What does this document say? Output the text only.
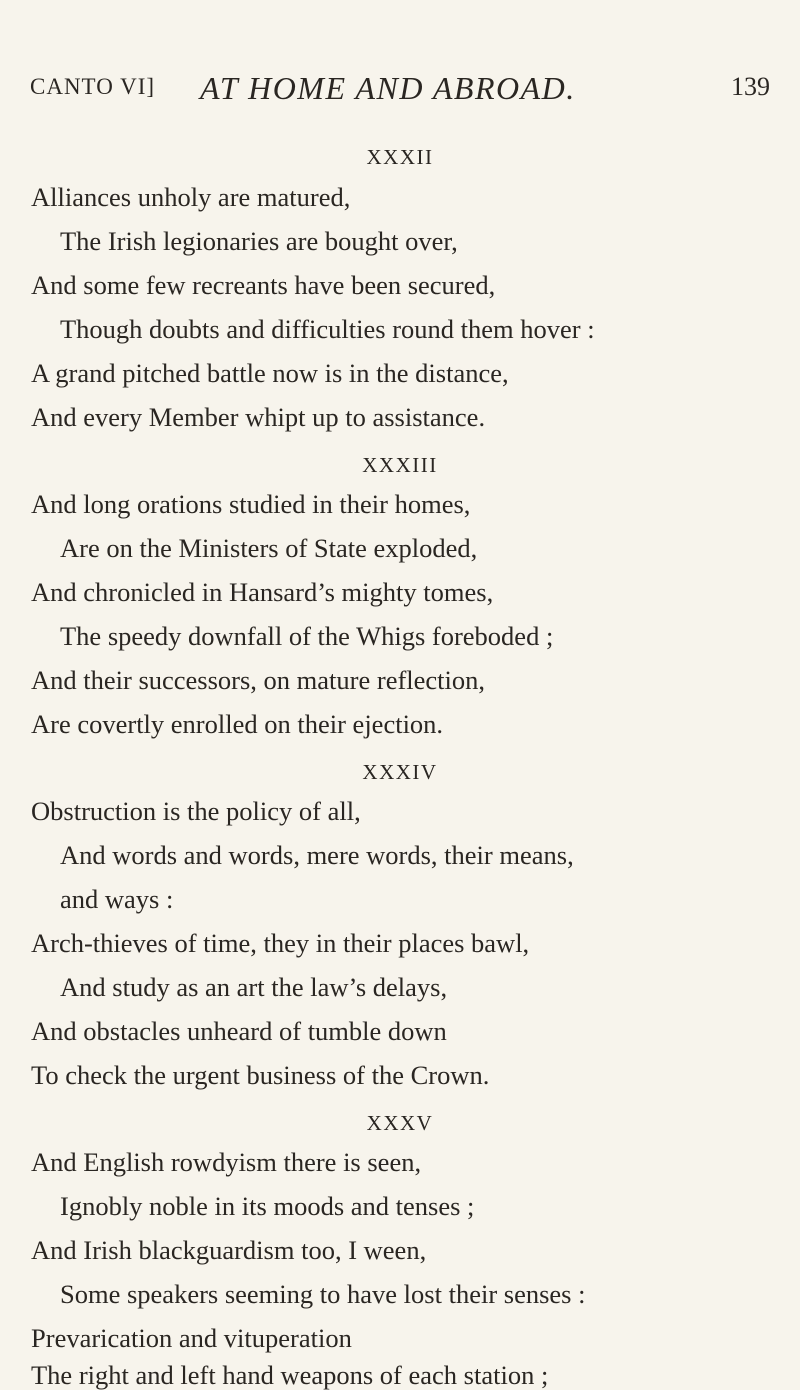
CANTO VI] AT HOME AND ABROAD.	139
XXXII
Alliances unholy are matured,
The Irish legionaries are bought over,
And some few recreants have been secured,
Though doubts and difficulties round them hover :
A grand pitched battle now is in the distance,
And every Member whipt up to assistance.
XXXIII
And long orations studied in their homes,
Are on the Ministers of State exploded,
And chronicled in Hansard’s mighty tomes,
The speedy downfall of the Whigs foreboded ;
And their successors, on mature reflection,
Are covertly enrolled on their ejection.
XXXIV
Obstruction is the policy of all,
And words and words, mere words, their means,
and ways :
Arch-thieves of time, they in their places bawl,
And study as an art the law’s delays,
And obstacles unheard of tumble down
To check the urgent business of the Crown.
XXXV
And English rowdyism there is seen,
Ignobly noble in its moods and tenses ;
And Irish blackguardism too, I ween,
Some speakers seeming to have lost their senses :
Prevarication and vituperation
The right and left hand weapons of each station ;
